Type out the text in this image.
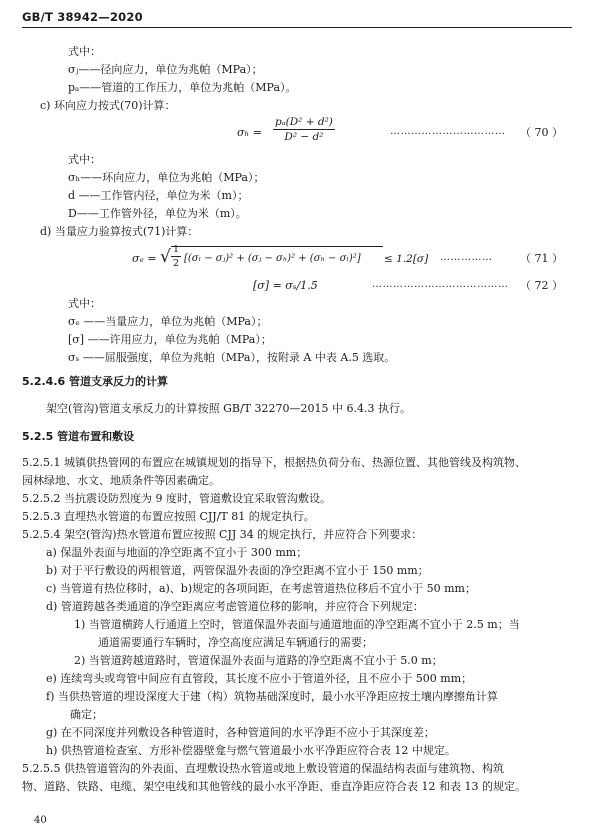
GB/T 38942—2020
式中：
σⱼ——径向应力，单位为兆帕（MPa）；
pₐ——管道的工作压力，单位为兆帕（MPa）。
c) 环向应力按式(70)计算：
$\sigma_h = \frac{\text{pₐ(D² + d²)}}{\text{D² − d²}}$	…………………………… （ 70 ）
式中：
σₕ——环向应力，单位为兆帕（MPa）；
d ——工作管内径，单位为米（m）；
D——工作管外径，单位为米（m）。
d) 当量应力验算按式(71)计算：
σₑ = √ $\frac{1}{2} [(\sigma_l$ − σⱼ)² + (σⱼ − σₕ)² + (σₕ − σₗ)²] ≤ 1.2[σ] ……………	（ 71 ）
[σ] = σₛ/1.5	………………………………… （ 72 ）
式中：
σₑ ——当量应力，单位为兆帕（MPa）；
[σ] ——许用应力，单位为兆帕（MPa）；
σₛ ——屈服强度，单位为兆帕（MPa），按附录 A 中表 A.5 选取。
5.2.4.6 管道支承反力的计算
架空(管沟)管道支承反力的计算按照 GB/T 32270—2015 中 6.4.3 执行。
5.2.5 管道布置和敷设
5.2.5.1 城镇供热管网的布置应在城镇规划的指导下，根据热负荷分布、热源位置、其他管线及构筑物、
园林绿地、水文、地质条件等因素确定。
5.2.5.2 当抗震设防烈度为 9 度时，管道敷设宜采取管沟敷设。
5.2.5.3 直埋热水管道的布置应按照 CJJ/T 81 的规定执行。
5.2.5.4 架空(管沟)热水管道布置应按照 CJJ 34 的规定执行，并应符合下列要求：
a) 保温外表面与地面的净空距离不宜小于 300 mm；
b) 对于平行敷设的两根管道，两管保温外表面的净空距离不宜小于 150 mm；
c) 当管道有热位移时，a)、b)规定的各项间距，在考虑管道热位移后不宜小于 50 mm；
d) 管道跨越各类通道的净空距离应考虑管道位移的影响，并应符合下列规定：
1) 当管道横跨人行通道上空时，管道保温外表面与通道地面的净空距离不宜小于 2.5 m；当
通道需要通行车辆时，净空高度应满足车辆通行的需要；
2) 当管道跨越道路时，管道保温外表面与道路的净空距离不宜小于 5.0 m；
e) 连续弯头或弯管中间应有直管段，其长度不应小于管道外径，且不应小于 500 mm；
f) 当供热管道的埋设深度大于建（构）筑物基础深度时，最小水平净距应按土壤内摩擦角计算
确定；
g) 在不同深度并列敷设各种管道时，各种管道间的水平净距不应小于其深度差；
h) 供热管道检查室、方形补偿器壁龛与燃气管道最小水平净距应符合表 12 中规定。
5.2.5.5 供热管道管沟的外表面、直埋敷设热水管道或地上敷设管道的保温结构表面与建筑物、构筑
物、道路、铁路、电缆、架空电线和其他管线的最小水平净距、垂直净距应符合表 12 和表 13 的规定。
40
